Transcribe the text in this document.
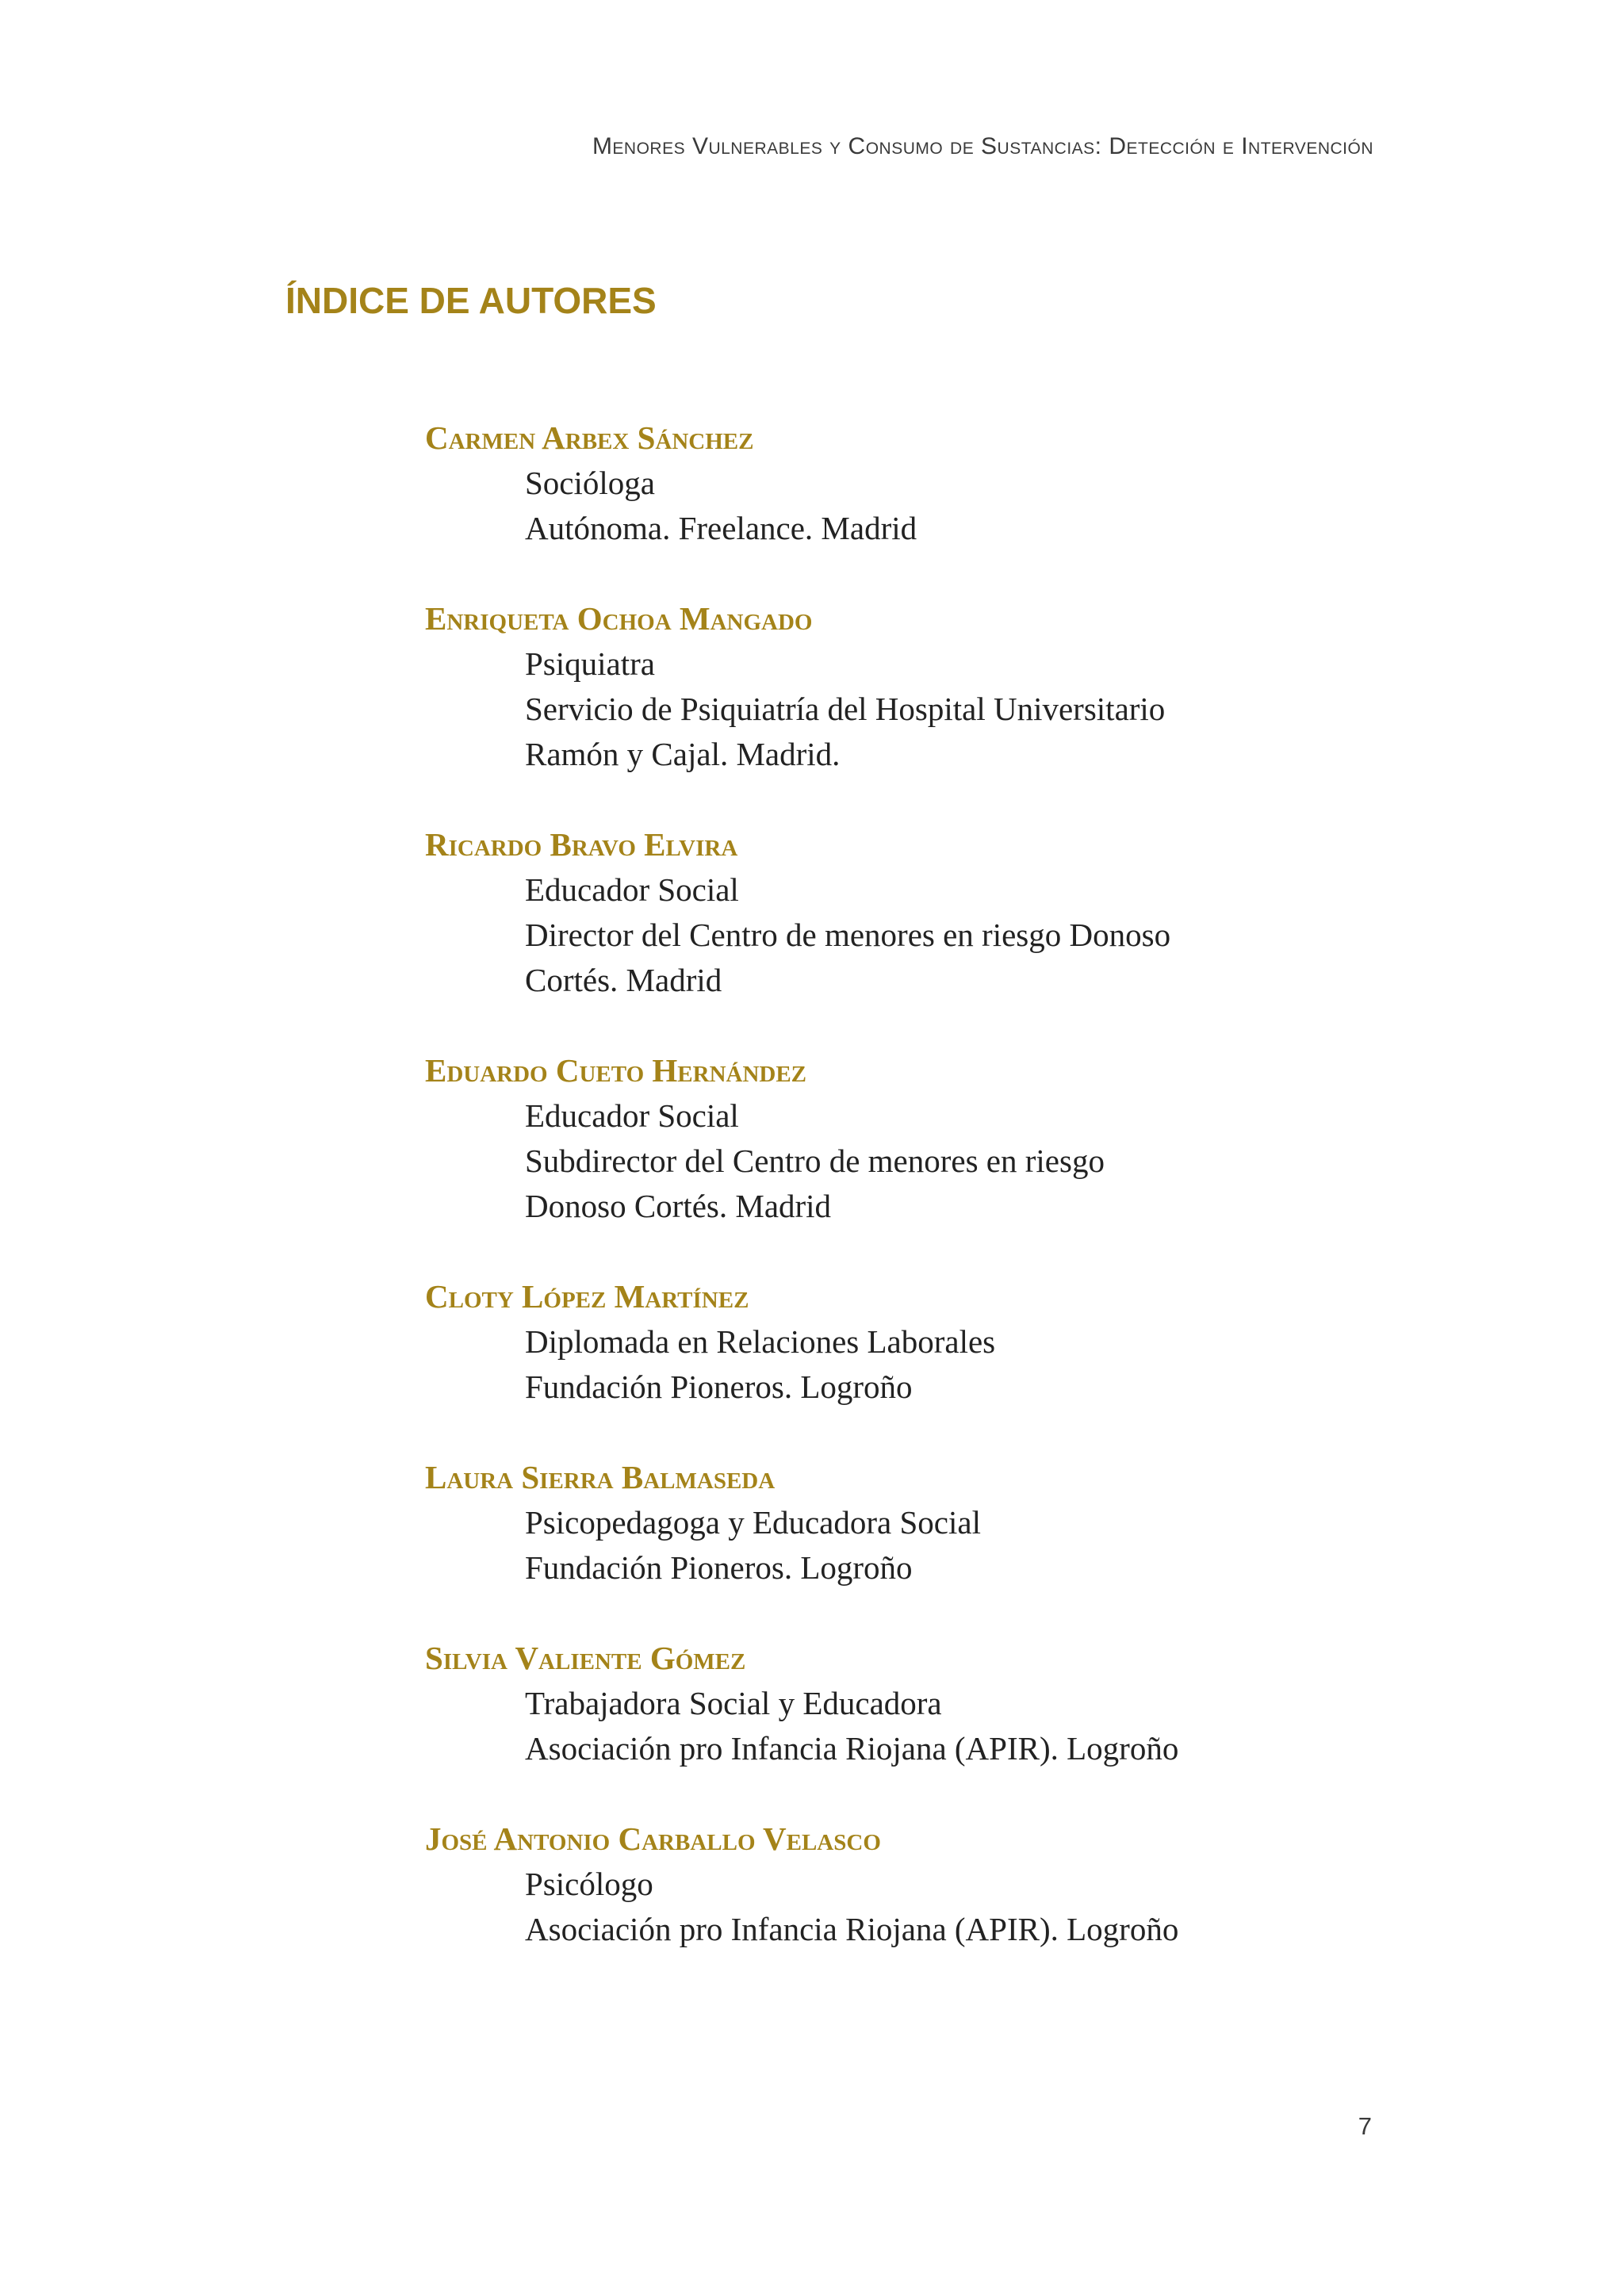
Menores Vulnerables y Consumo de Sustancias: Detección e Intervención
ÍNDICE DE AUTORES
Carmen Arbex Sánchez
Socióloga
Autónoma. Freelance. Madrid
Enriqueta Ochoa Mangado
Psiquiatra
Servicio de Psiquiatría del Hospital Universitario
Ramón y Cajal. Madrid.
Ricardo Bravo Elvira
Educador Social
Director del Centro de menores en riesgo Donoso
Cortés. Madrid
Eduardo Cueto Hernández
Educador Social
Subdirector del Centro de menores en riesgo
Donoso Cortés. Madrid
Cloty López Martínez
Diplomada en Relaciones Laborales
Fundación Pioneros. Logroño
Laura Sierra Balmaseda
Psicopedagoga y Educadora Social
Fundación Pioneros. Logroño
Silvia Valiente Gómez
Trabajadora Social y Educadora
Asociación pro Infancia Riojana (APIR). Logroño
José Antonio Carballo Velasco
Psicólogo
Asociación pro Infancia Riojana (APIR). Logroño
7
